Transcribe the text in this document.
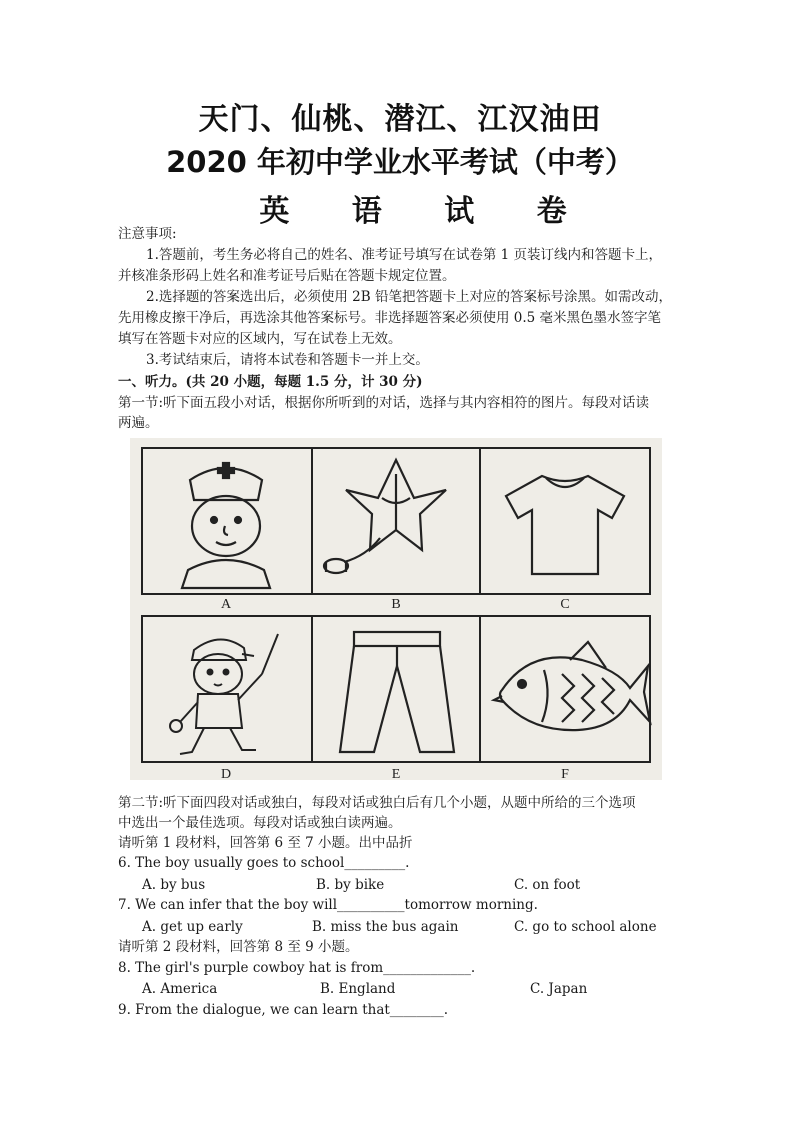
天门、仙桃、潜江、江汉油田
2020 年初中学业水平考试（中考）
英 语 试 卷
注意事项:
1.答题前，考生务必将自己的姓名、准考证号填写在试卷第 1 页装订线内和答题卡上，
并核准条形码上姓名和准考证号后贴在答题卡规定位置。
2.选择题的答案选出后，必须使用 2B 铅笔把答题卡上对应的答案标号涂黑。如需改动，
先用橡皮擦干净后，再选涂其他答案标号。非选择题答案必须使用 0.5 毫米黑色墨水签字笔
填写在答题卡对应的区域内，写在试卷上无效。
3.考试结束后，请将本试卷和答题卡一并上交。
一、听力。(共 20 小题，每题 1.5 分，计 30 分)
第一节:听下面五段小对话，根据你所听到的对话，选择与其内容相符的图片。每段对话读
两遍。
A	B	C
D	E	F
第二节:听下面四段对话或独白，每段对话或独白后有几个小题，从题中所给的三个选项
中选出一个最佳选项。每段对话或独白读两遍。
请听第 1 段材料，回答第 6 至 7 小题。出中品折
6. The boy usually goes to school_________.
A. by bus	B. by bike	C. on foot
7. We can infer that the boy will__________tomorrow morning.
A. get up early	B. miss the bus again	C. go to school alone
请听第 2 段材料，回答第 8 至 9 小题。
8. The girl's purple cowboy hat is from_____________.
A. America	B. England	C. Japan
9. From the dialogue, we can learn that________.
